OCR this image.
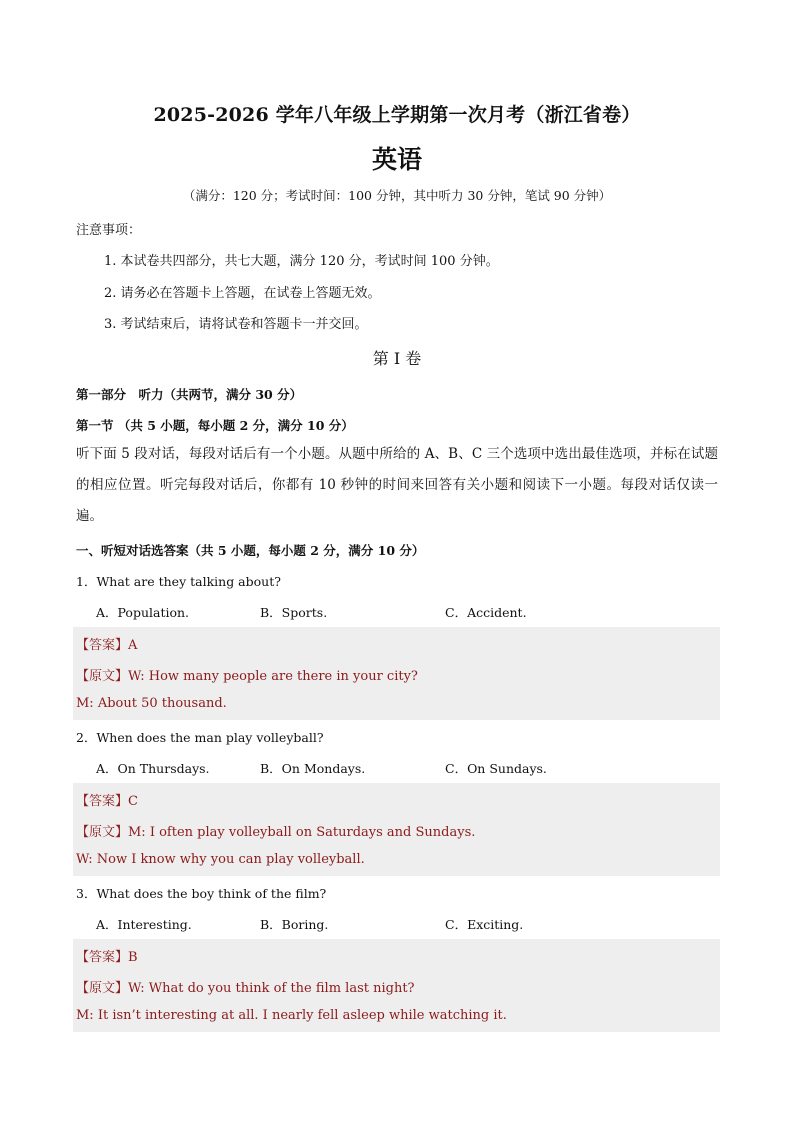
2025-2026 学年八年级上学期第一次月考（浙江省卷）
英语
（满分：120 分；考试时间：100 分钟，其中听力 30 分钟，笔试 90 分钟）
注意事项：
1. 本试卷共四部分，共七大题，满分 120 分，考试时间 100 分钟。
2. 请务必在答题卡上答题，在试卷上答题无效。
3. 考试结束后，请将试卷和答题卡一并交回。
第 I 卷
第一部分　听力（共两节，满分 30 分）
第一节 （共 5 小题，每小题 2 分，满分 10 分）
听下面 5 段对话，每段对话后有一个小题。从题中所给的 A、B、C 三个选项中选出最佳选项，并标在试题的相应位置。听完每段对话后，你都有 10 秒钟的时间来回答有关小题和阅读下一小题。每段对话仅读一遍。
一、听短对话选答案（共 5 小题，每小题 2 分，满分 10 分）
1．What are they talking about?
A．Population.	B．Sports.	C．Accident.
【答案】A
【原文】W: How many people are there in your city?
M: About 50 thousand.
2．When does the man play volleyball?
A．On Thursdays.	B．On Mondays.	C．On Sundays.
【答案】C
【原文】M: I often play volleyball on Saturdays and Sundays.
W: Now I know why you can play volleyball.
3．What does the boy think of the film?
A．Interesting.	B．Boring.	C．Exciting.
【答案】B
【原文】W: What do you think of the film last night?
M: It isn’t interesting at all. I nearly fell asleep while watching it.
